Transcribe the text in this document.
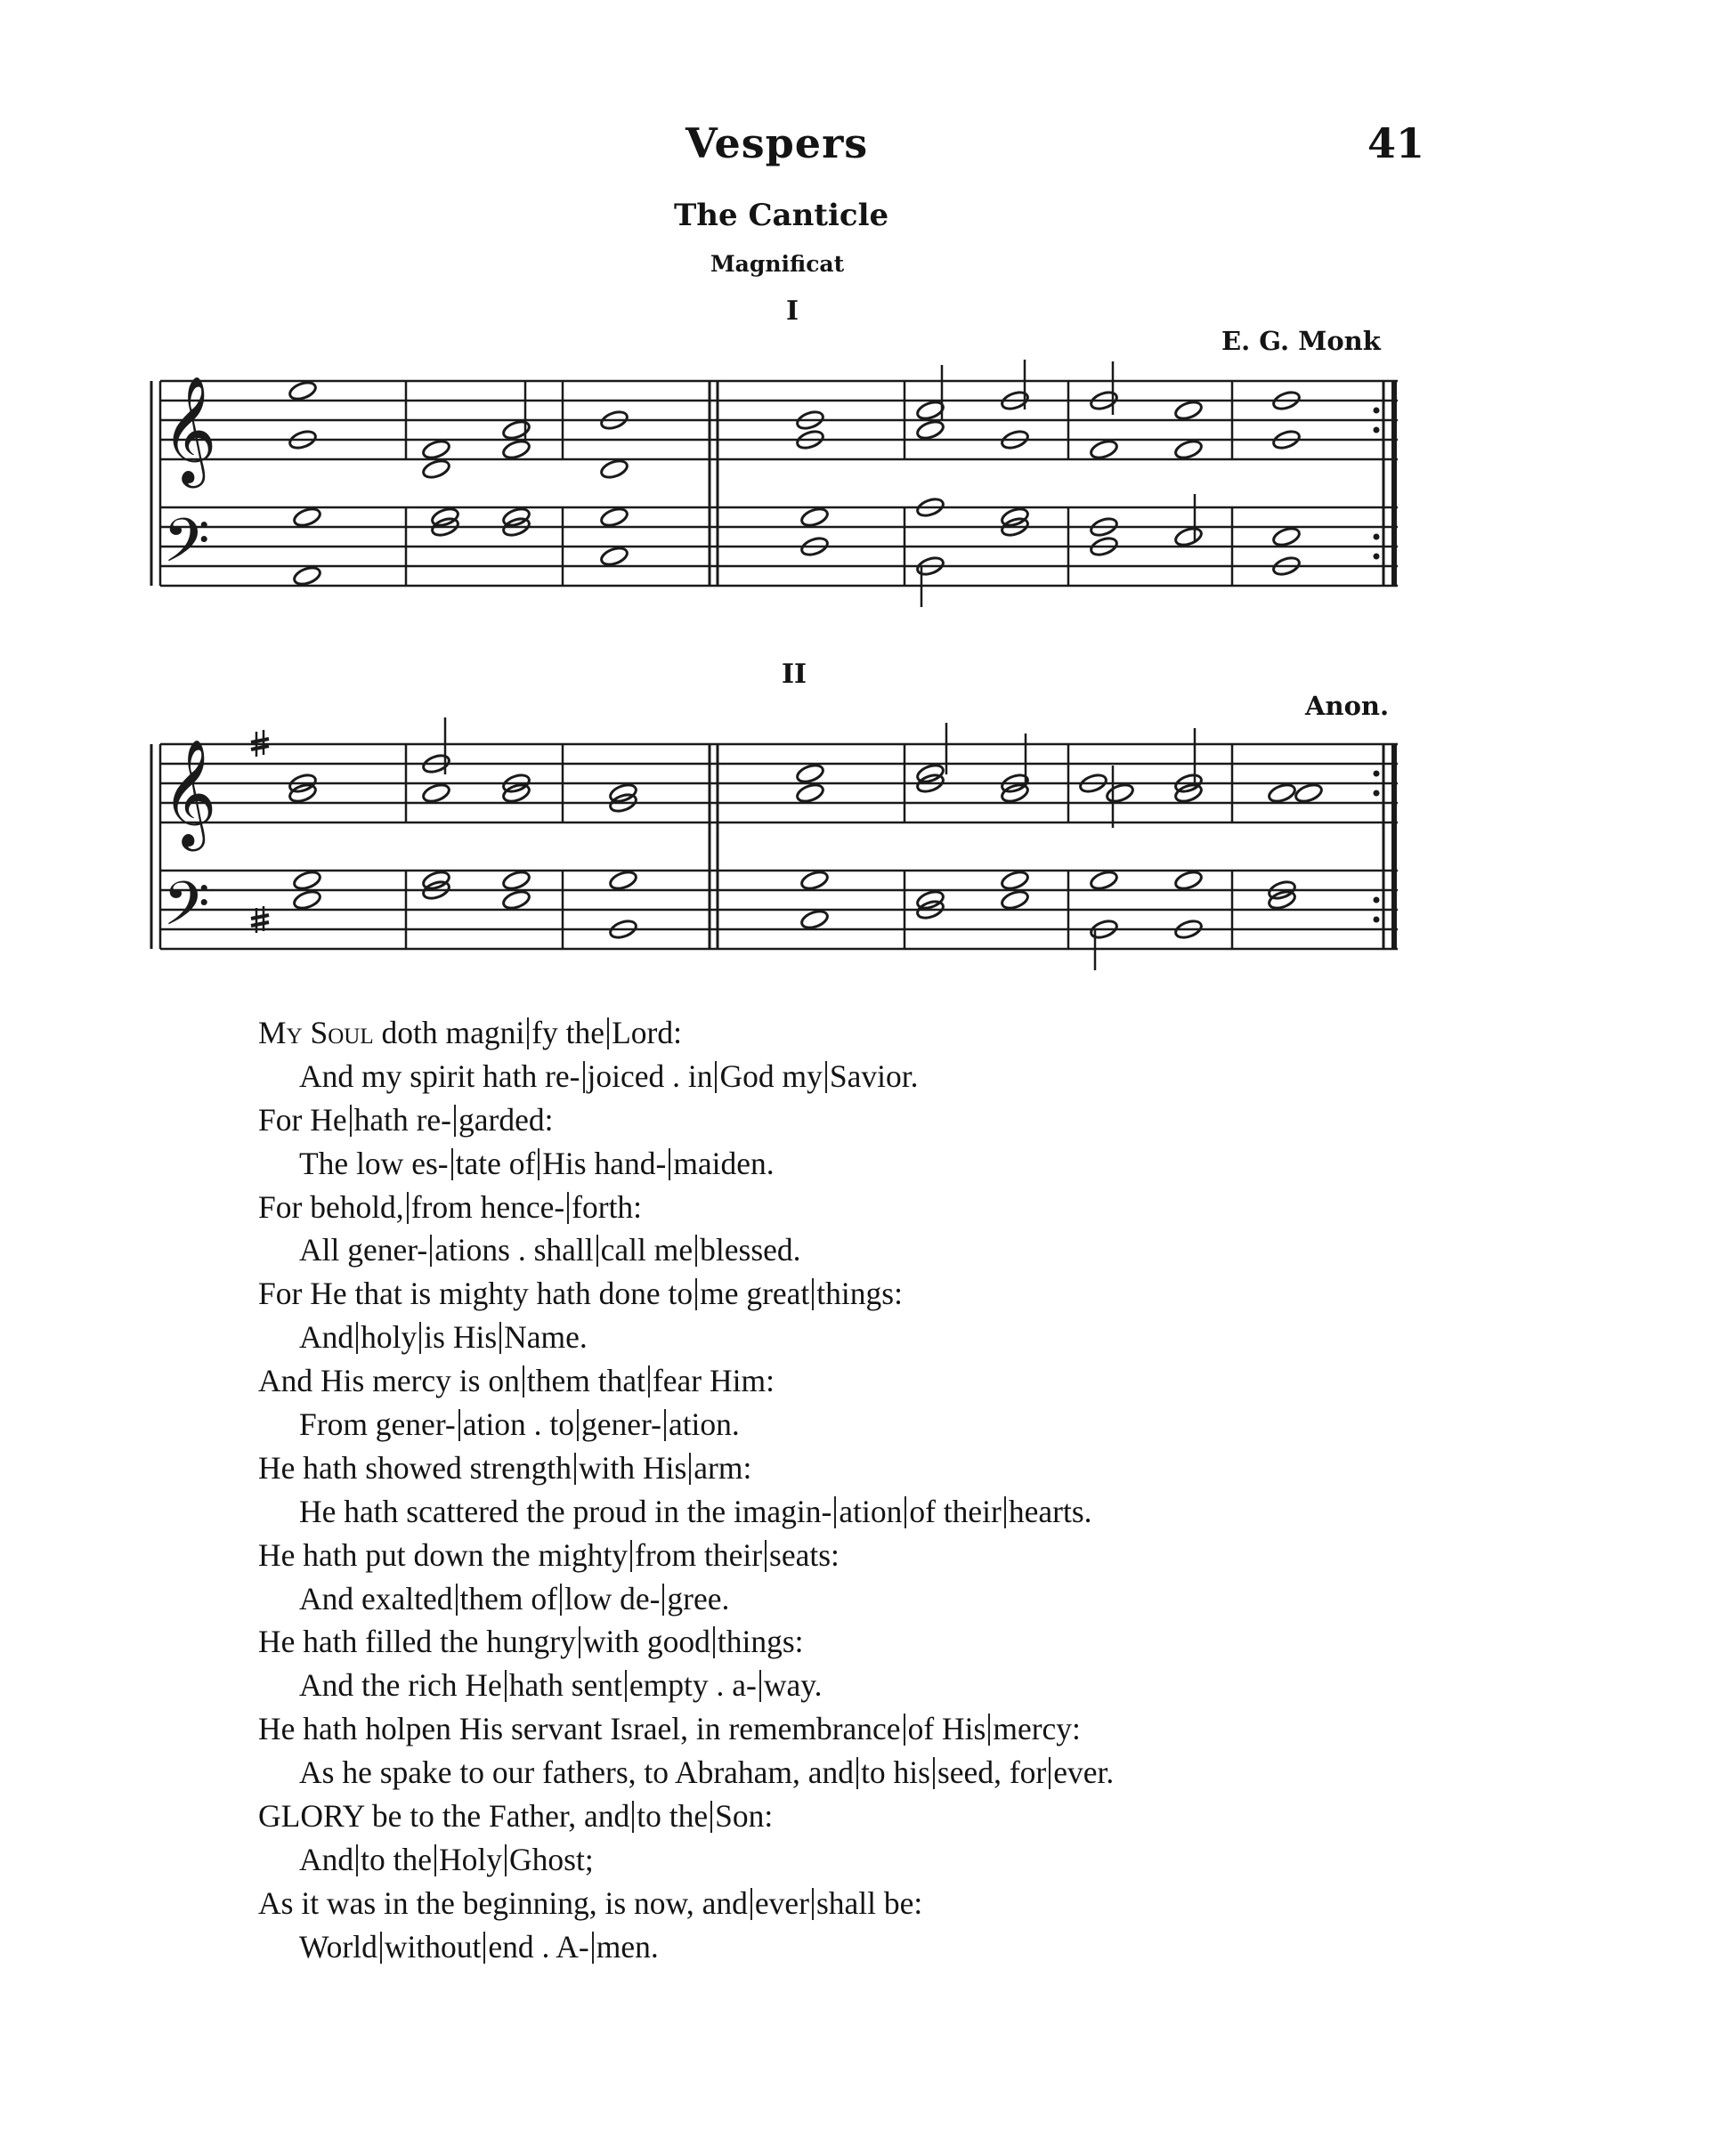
Vespers	41
The Canticle
Magnificat
I
E. G. Monk
𝄞
𝄢
II
Anon.
𝄞
𝄢
My Soul doth magni fy the Lord:
And my spirit hath re- joiced . in God my Savior.
For He hath re- garded:
The low es- tate of His hand- maiden.
For behold, from hence- forth:
All gener- ations . shall call me blessed.
For He that is mighty hath done to me great things:
And holy is His Name.
And His mercy is on them that fear Him:
From gener- ation . to gener- ation.
He hath showed strength with His arm:
He hath scattered the proud in the imagin- ation of their hearts.
He hath put down the mighty from their seats:
And exalted them of low de- gree.
He hath filled the hungry with good things:
And the rich He hath sent empty . a- way.
He hath holpen His servant Israel, in remembrance of His mercy:
As he spake to our fathers, to Abraham, and to his seed, for ever.
GLORY be to the Father, and to the Son:
And to the Holy Ghost;
As it was in the beginning, is now, and ever shall be:
World without end . A- men.
